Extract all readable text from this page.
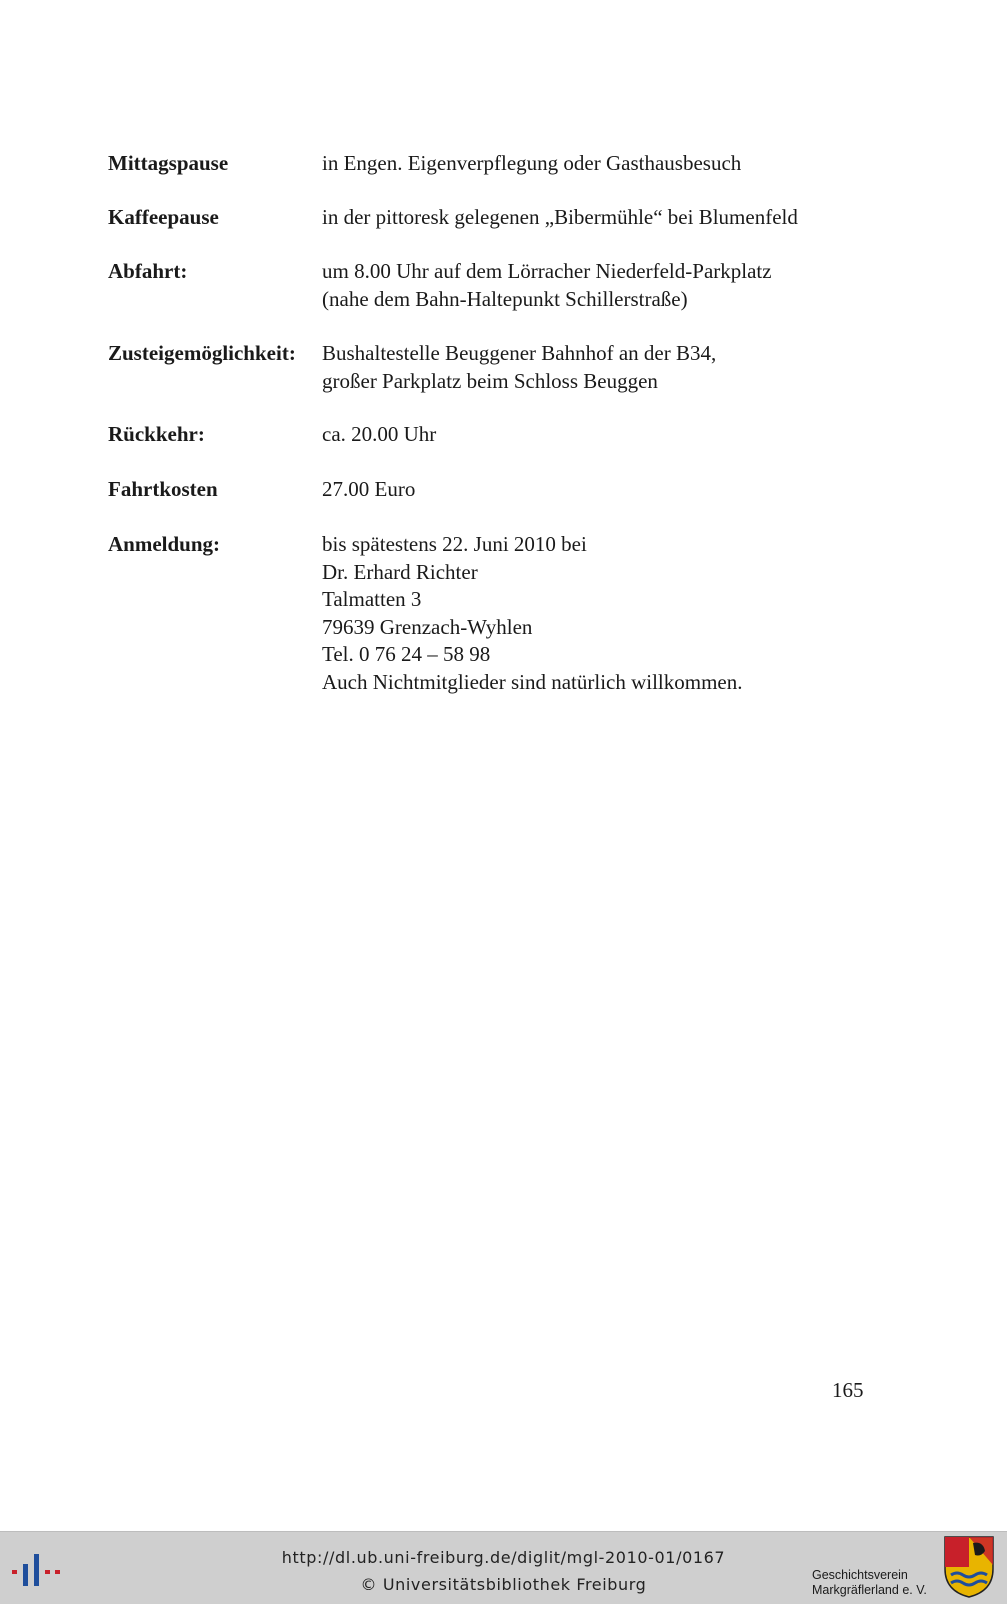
Mittagspause	in Engen. Eigenverpflegung oder Gasthausbesuch
Kaffeepause	in der pittoresk gelegenen „Bibermühle“ bei Blumenfeld
Abfahrt:	um 8.00 Uhr auf dem Lörracher Niederfeld-Parkplatz
(nahe dem Bahn-Haltepunkt Schillerstraße)
Zusteigemöglichkeit:	Bushaltestelle Beuggener Bahnhof an der B34,
großer Parkplatz beim Schloss Beuggen
Rückkehr:	ca. 20.00 Uhr
Fahrtkosten	27.00 Euro
Anmeldung:	bis spätestens 22. Juni 2010 bei
Dr. Erhard Richter
Talmatten 3
79639 Grenzach-Wyhlen
Tel. 0 76 24 – 58 98
Auch Nichtmitglieder sind natürlich willkommen.
165
http://dl.ub.uni-freiburg.de/diglit/mgl-2010-01/0167
© Universitätsbibliothek Freiburg	Geschichtsverein
Markgräflerland e. V.
